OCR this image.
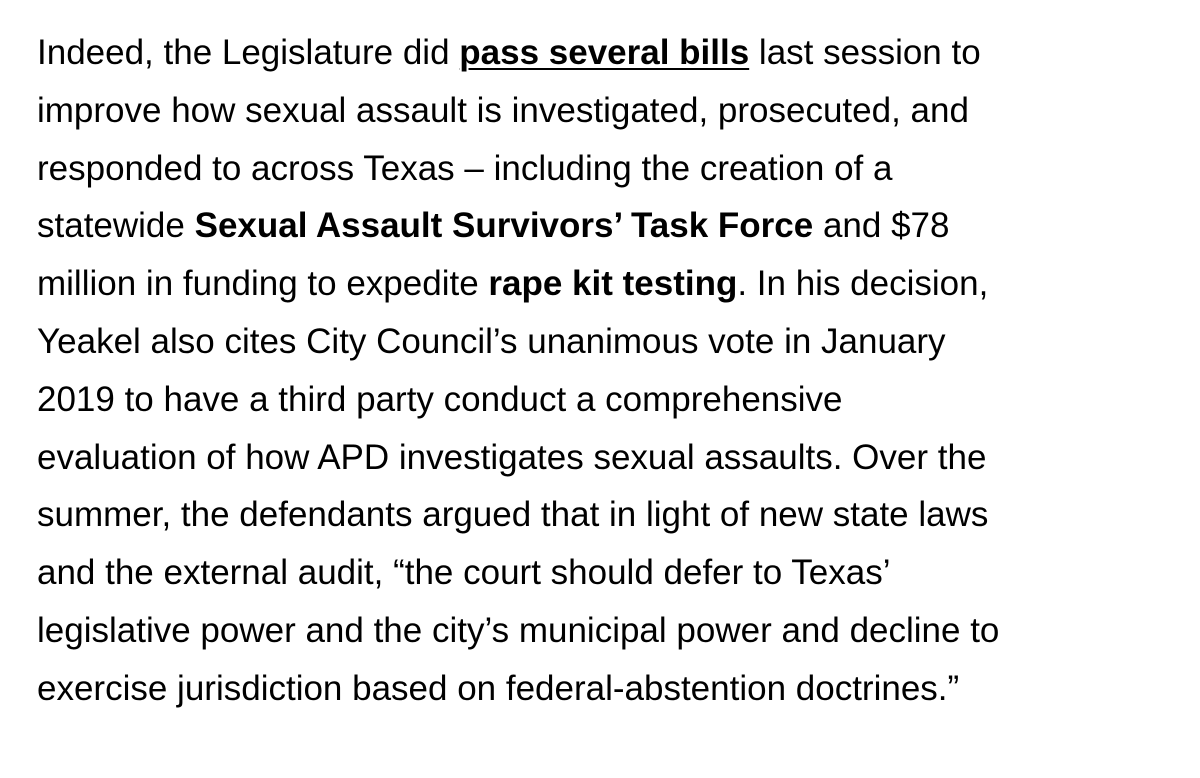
Indeed, the Legislature did pass several bills last session to
improve how sexual assault is investigated, prosecuted, and
responded to across Texas – including the creation of a
statewide Sexual Assault Survivors’ Task Force and $78
million in funding to expedite rape kit testing. In his decision,
Yeakel also cites City Council’s unanimous vote in January
2019 to have a third party conduct a comprehensive
evaluation of how APD investigates sexual assaults. Over the
summer, the defendants argued that in light of new state laws
and the external audit, “the court should defer to Texas’
legislative power and the city’s municipal power and decline to
exercise jurisdiction based on federal-abstention doctrines.”
